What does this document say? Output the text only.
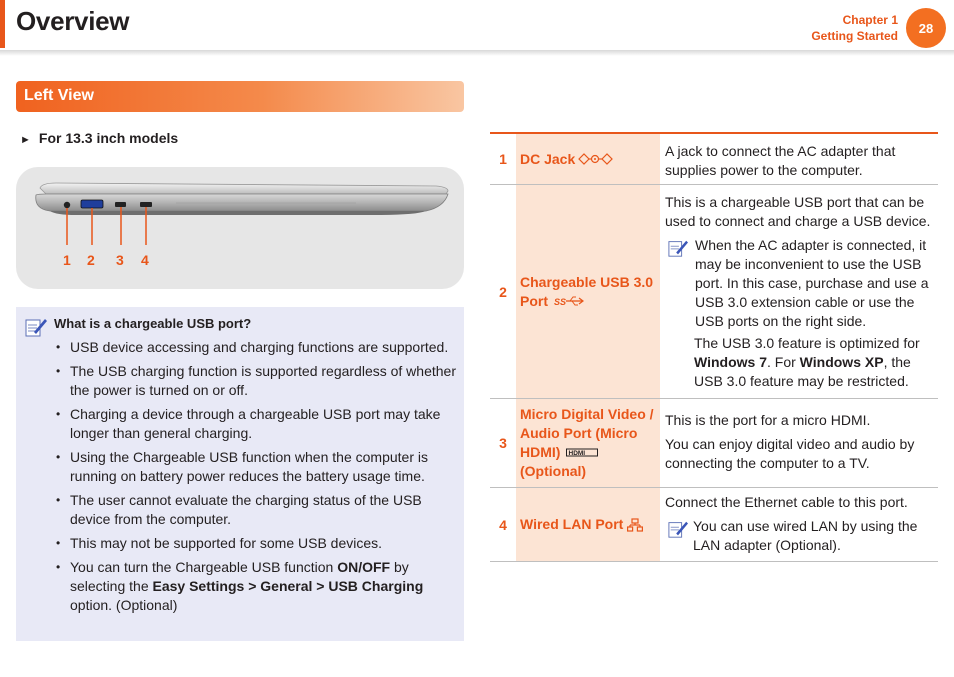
Overview	Chapter 1
Getting Started
28
Left View
► For 13.3 inch models
1 2 3 4
What is a chargeable USB port?
• USB device accessing and charging functions are supported.
• The USB charging function is supported regardless of whether the power is turned on or off.
• Charging a device through a chargeable USB port may take longer than general charging.
• Using the Chargeable USB function when the computer is running on battery power reduces the battery usage time.
• The user cannot evaluate the charging status of the USB device from the computer.
• This may not be supported for some USB devices.
• You can turn the Chargeable USB function ON/OFF by selecting the Easy Settings > General > USB Charging option. (Optional)
1 DC Jack	A jack to connect the AC adapter that supplies power to the computer.
2
Chargeable USB 3.0 Port SS

This is a chargeable USB port that can be used to connect and charge a USB device.

When the AC adapter is connected, it may be inconvenient to use the USB port. In this case, purchase and use a USB 3.0 extension cable or use the USB ports on the right side.

The USB 3.0 feature is optimized for Windows 7. For Windows XP, the USB 3.0 feature may be restricted.

3
Micro Digital Video / Audio Port (Micro HDMI) HDMI
(Optional)

This is the port for a micro HDMI.

You can enjoy digital video and audio by connecting the computer to a TV.

4 Wired LAN Port

Connect the Ethernet cable to this port.

You can use wired LAN by using the LAN adapter (Optional).
